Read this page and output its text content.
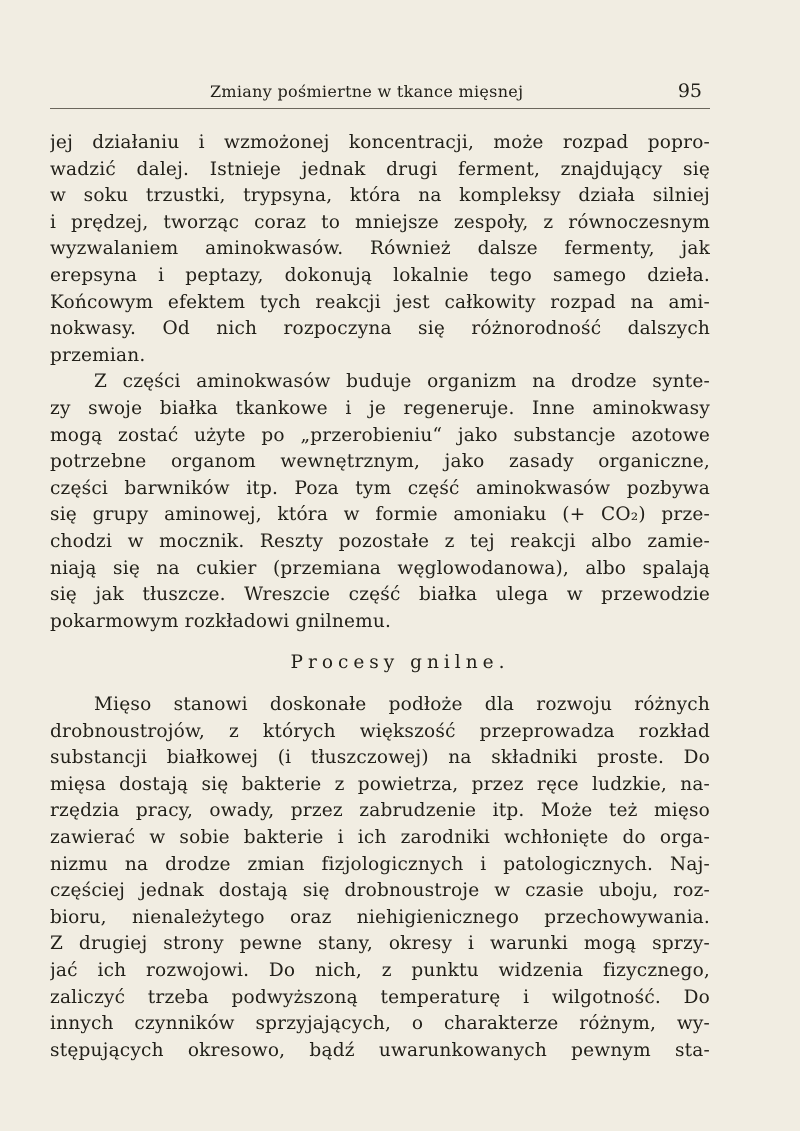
Zmiany pośmiertne w tkance mięsnej	95
jej działaniu i wzmożonej koncentracji, może rozpad popro-
wadzić dalej. Istnieje jednak drugi ferment, znajdujący się
w soku trzustki, trypsyna, która na kompleksy działa silniej
i prędzej, tworząc coraz to mniejsze zespoły, z równoczesnym
wyzwalaniem aminokwasów. Również dalsze fermenty, jak
erepsyna i peptazy, dokonują lokalnie tego samego dzieła.
Końcowym efektem tych reakcji jest całkowity rozpad na ami-
nokwasy. Od nich rozpoczyna się różnorodność dalszych
przemian.
Z części aminokwasów buduje organizm na drodze synte-
zy swoje białka tkankowe i je regeneruje. Inne aminokwasy
mogą zostać użyte po „przerobieniu“ jako substancje azotowe
potrzebne organom wewnętrznym, jako zasady organiczne,
części barwników itp. Poza tym część aminokwasów pozbywa
się grupy aminowej, która w formie amoniaku (+ CO₂) prze-
chodzi w mocznik. Reszty pozostałe z tej reakcji albo zamie-
niają się na cukier (przemiana węglowodanowa), albo spalają
się jak tłuszcze. Wreszcie część białka ulega w przewodzie
pokarmowym rozkładowi gnilnemu.
Procesy gnilne.
Mięso stanowi doskonałe podłoże dla rozwoju różnych
drobnoustrojów, z których większość przeprowadza rozkład
substancji białkowej (i tłuszczowej) na składniki proste. Do
mięsa dostają się bakterie z powietrza, przez ręce ludzkie, na-
rzędzia pracy, owady, przez zabrudzenie itp. Może też mięso
zawierać w sobie bakterie i ich zarodniki wchłonięte do orga-
nizmu na drodze zmian fizjologicznych i patologicznych. Naj-
częściej jednak dostają się drobnoustroje w czasie uboju, roz-
bioru, nienależytego oraz niehigienicznego przechowywania.
Z drugiej strony pewne stany, okresy i warunki mogą sprzy-
jać ich rozwojowi. Do nich, z punktu widzenia fizycznego,
zaliczyć trzeba podwyższoną temperaturę i wilgotność. Do
innych czynników sprzyjających, o charakterze różnym, wy-
stępujących okresowo, bądź uwarunkowanych pewnym sta-
